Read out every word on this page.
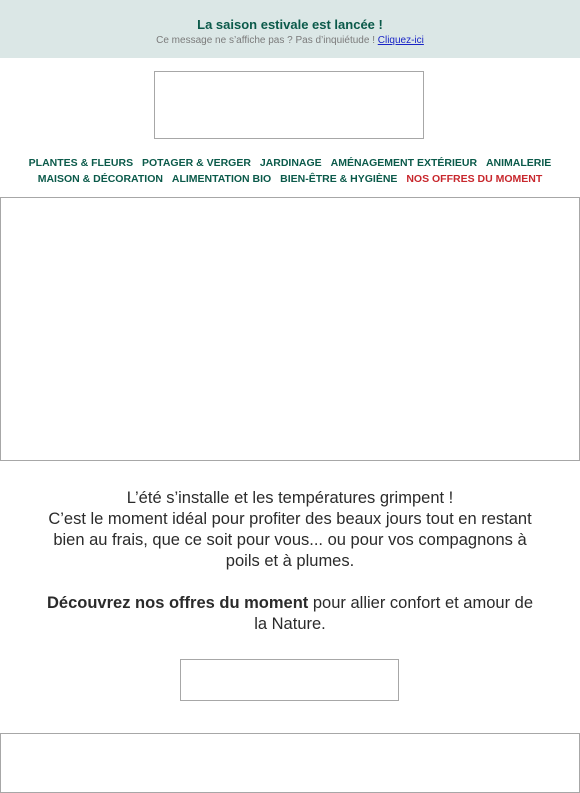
La saison estivale est lancée !
Ce message ne s’affiche pas ? Pas d’inquiétude ! Cliquez-ici
PLANTES & FLEURS POTAGER & VERGER JARDINAGE AMÉNAGEMENT EXTÉRIEUR ANIMALERIE
MAISON & DÉCORATION ALIMENTATION BIO BIEN-ÊTRE & HYGIÈNE NOS OFFRES DU MOMENT

L’été s’installe et les températures grimpent !

C’est le moment idéal pour profiter des beaux jours tout en restant bien au frais, que ce soit pour vous... ou pour vos compagnons à poils et à plumes.

Découvrez nos offres du moment pour allier confort et amour de la Nature.
